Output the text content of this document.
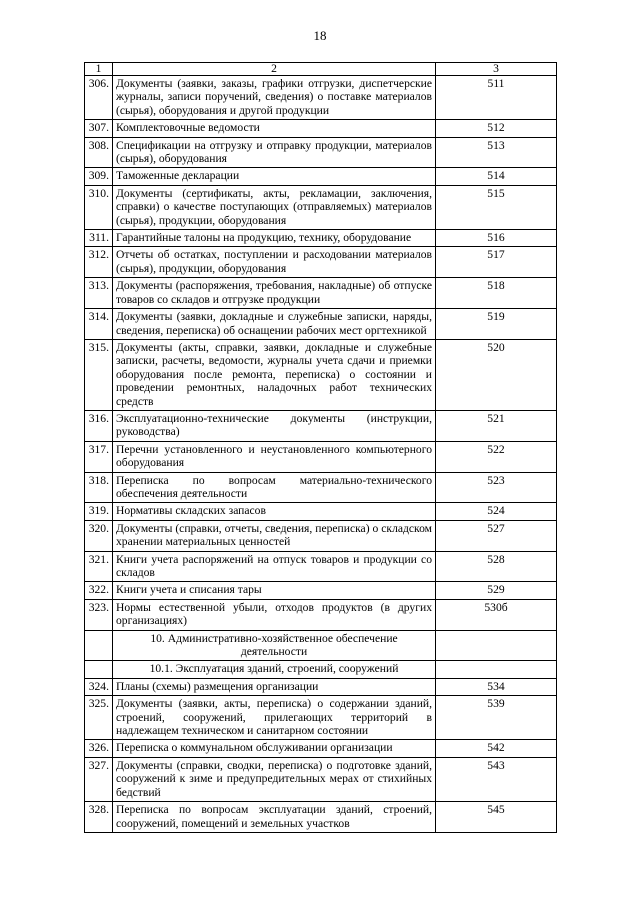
18
1	2	3
306.	Документы (заявки, заказы, графики отгрузки, диспетчерские журналы, записи поручений, сведения) о поставке материалов (сырья), оборудования и другой продукции	511
307.	Комплектовочные ведомости	512
308.	Спецификации на отгрузку и отправку продукции, материалов (сырья), оборудования	513
309.	Таможенные декларации	514
310.	Документы (сертификаты, акты, рекламации, заключения, справки) о качестве поступающих (отправляемых) материалов (сырья), продукции, оборудования	515
311.	Гарантийные талоны на продукцию, технику, оборудование	516
312.	Отчеты об остатках, поступлении и расходовании материалов (сырья), продукции, оборудования	517
313.	Документы (распоряжения, требования, накладные) об отпуске товаров со складов и отгрузке продукции	518
314.	Документы (заявки, докладные и служебные записки, наряды, сведения, переписка) об оснащении рабочих мест оргтехникой	519
315.	Документы (акты, справки, заявки, докладные и служебные записки, расчеты, ведомости, журналы учета сдачи и приемки оборудования после ремонта, переписка) о состоянии и проведении ремонтных, наладочных работ технических средств	520
316.	Эксплуатационно-технические документы (инструкции, руководства)	521
317.	Перечни установленного и неустановленного компьютерного оборудования	522
318.	Переписка по вопросам материально-технического обеспечения деятельности	523
319.	Нормативы складских запасов	524
320.	Документы (справки, отчеты, сведения, переписка) о складском хранении материальных ценностей	527
321.	Книги учета распоряжений на отпуск товаров и продукции со складов	528
322.	Книги учета и списания тары	529
323.	Нормы естественной убыли, отходов продуктов (в других организациях)	530б
	10. Административно-хозяйственное обеспечение деятельности	
	10.1. Эксплуатация зданий, строений, сооружений	
324.	Планы (схемы) размещения организации	534
325.	Документы (заявки, акты, переписка) о содержании зданий, строений, сооружений, прилегающих территорий в надлежащем техническом и санитарном состоянии	539
326.	Переписка о коммунальном обслуживании организации	542
327.	Документы (справки, сводки, переписка) о подготовке зданий, сооружений к зиме и предупредительных мерах от стихийных бедствий	543
328.	Переписка по вопросам эксплуатации зданий, строений, сооружений, помещений и земельных участков	545
